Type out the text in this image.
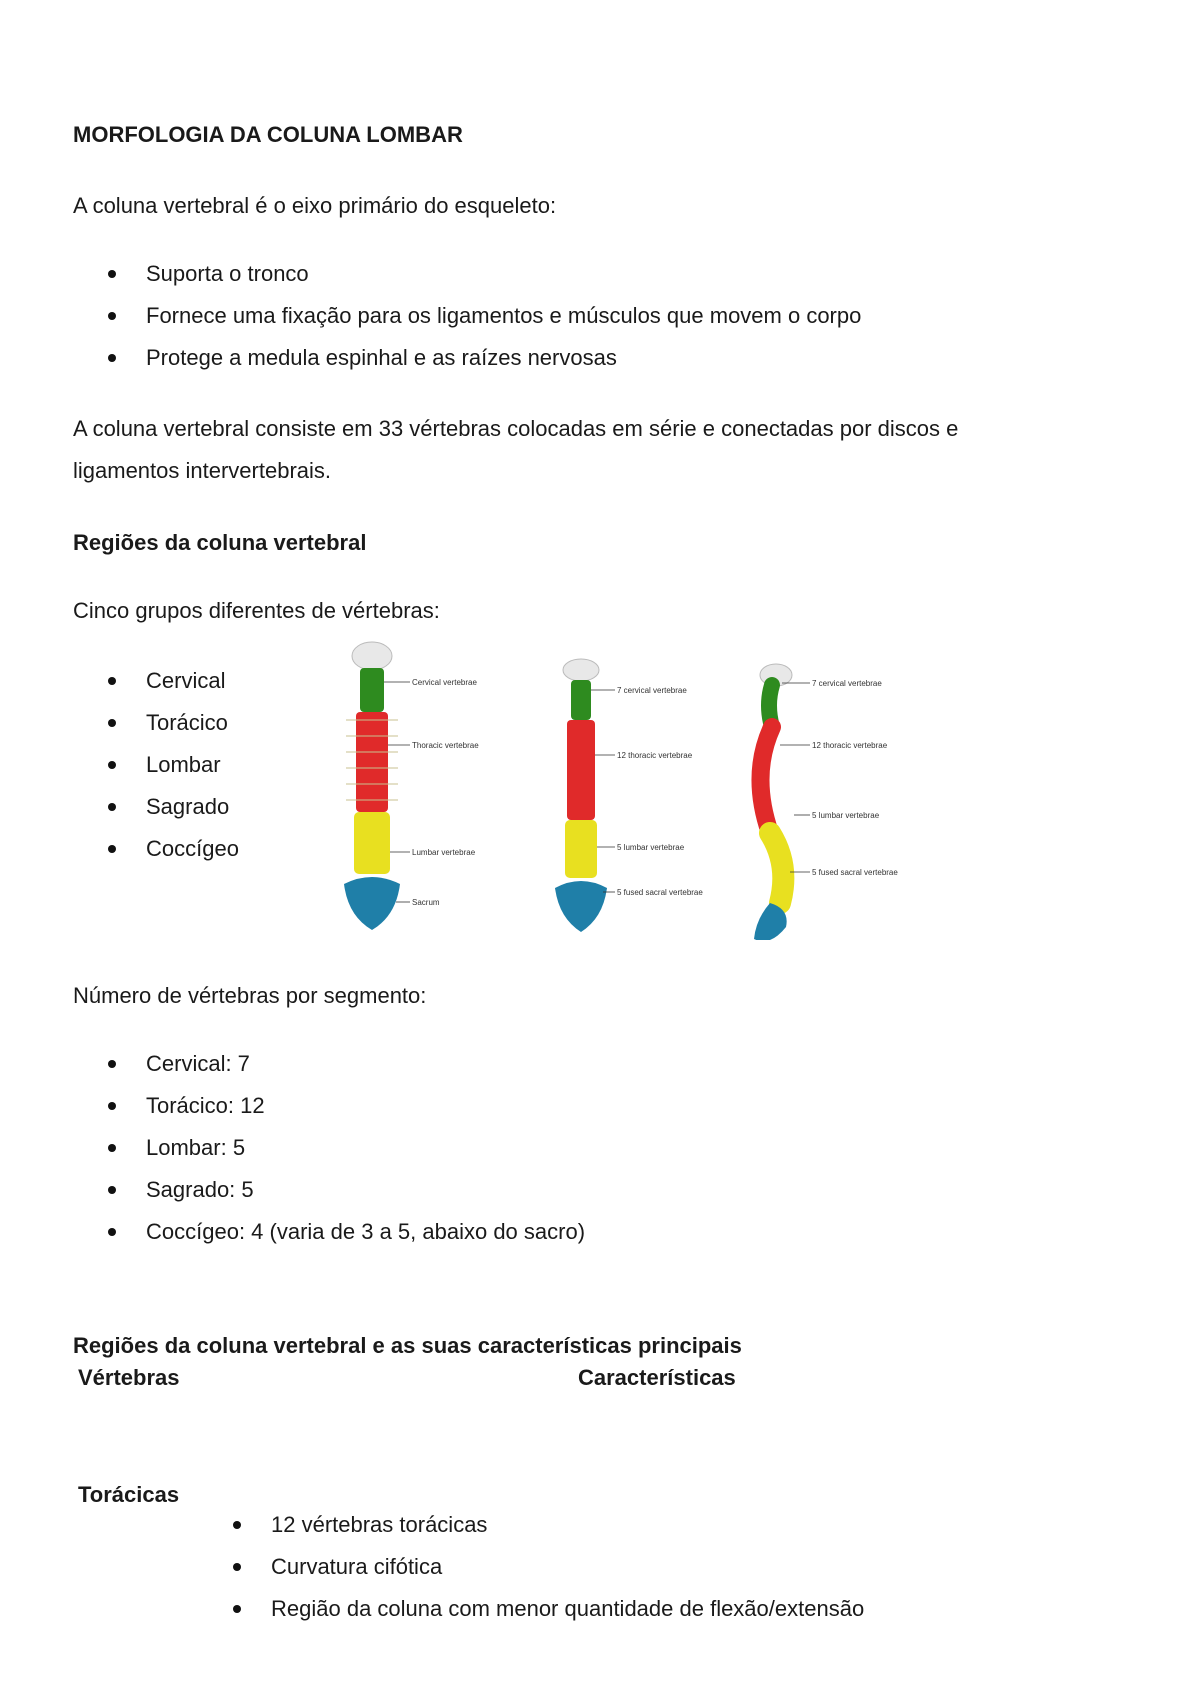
MORFOLOGIA DA COLUNA LOMBAR
A coluna vertebral é o eixo primário do esqueleto:
Suporta o tronco
Fornece uma fixação para os ligamentos e músculos que movem o corpo
Protege a medula espinhal e as raízes nervosas
A coluna vertebral consiste em 33 vértebras colocadas em série e conectadas por discos e
ligamentos intervertebrais.
Regiões da coluna vertebral
Cinco grupos diferentes de vértebras:
Cervical
Torácico
Lombar
Sagrado
Coccígeo
Cervical vertebrae
Thoracic vertebrae
Lumbar vertebrae
Sacrum
7 cervical vertebrae
12 thoracic vertebrae
5 lumbar vertebrae
5 fused sacral vertebrae
7 cervical vertebrae
12 thoracic vertebrae
5 lumbar vertebrae
5 fused sacral vertebrae
Número de vértebras por segmento:
Cervical: 7
Torácico: 12
Lombar: 5
Sagrado: 5
Coccígeo: 4 (varia de 3 a 5, abaixo do sacro)
Regiões da coluna vertebral e as suas características principais
Vértebras	Características
Torácicas
12 vértebras torácicas
Curvatura cifótica
Região da coluna com menor quantidade de flexão/extensão
